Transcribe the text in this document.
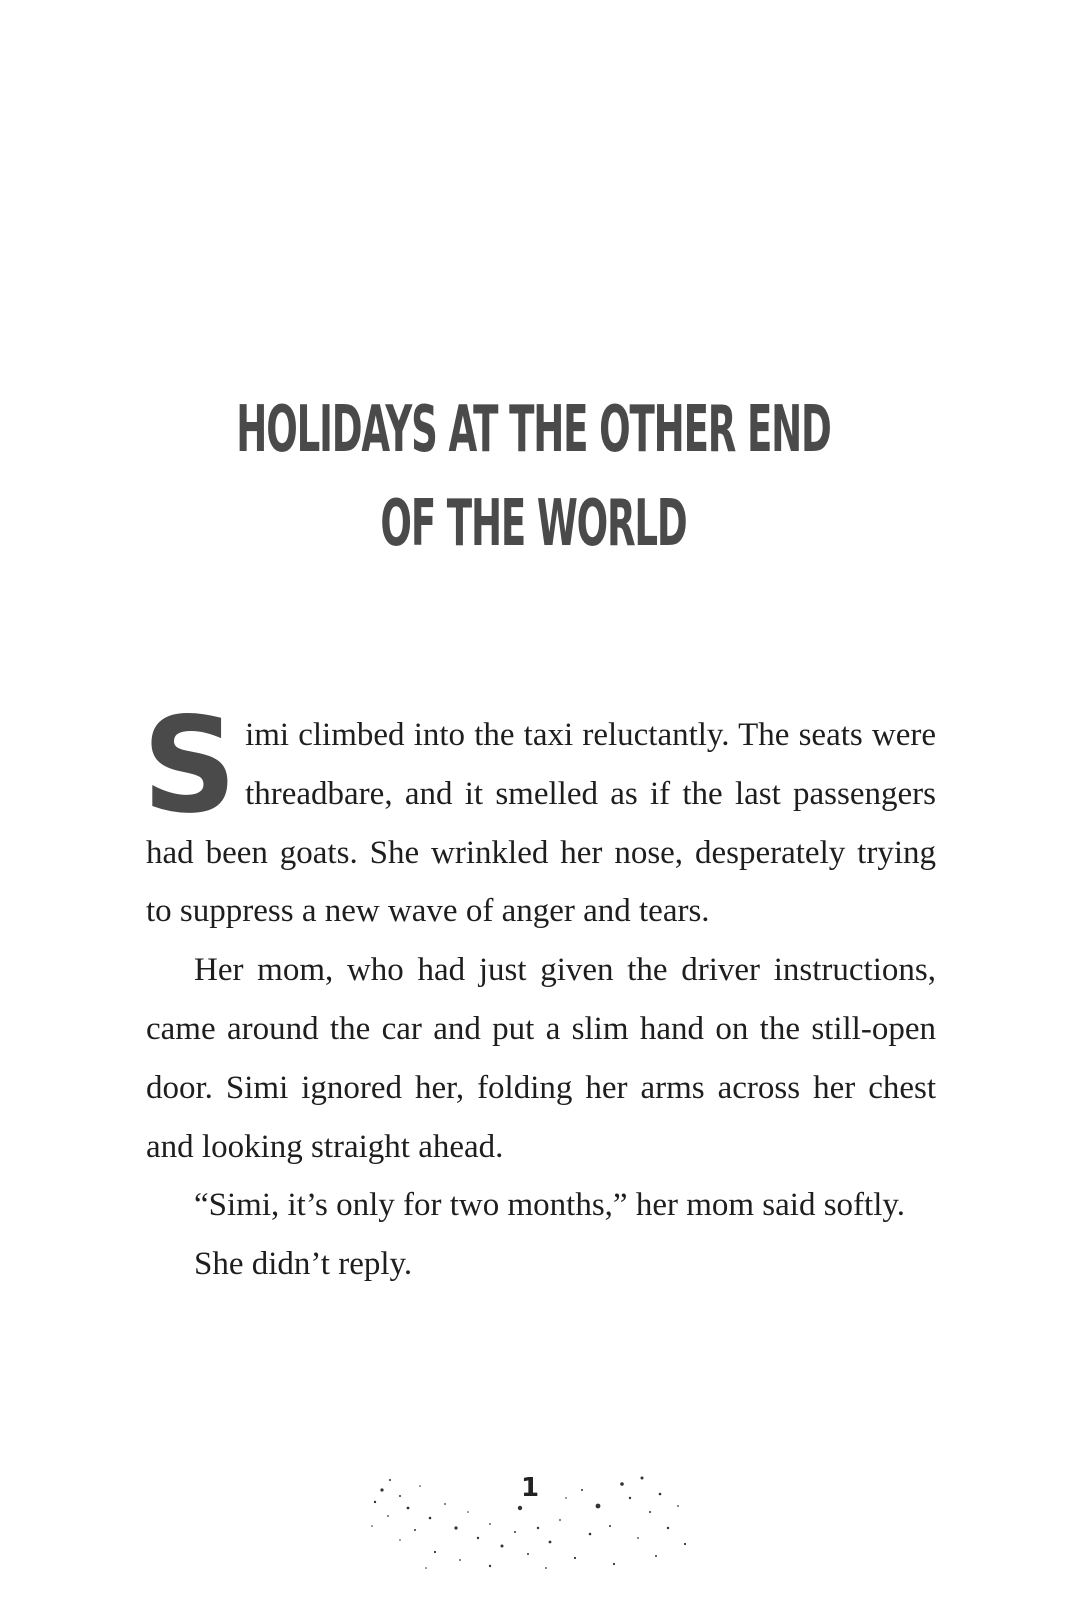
HOLIDAYS AT THE OTHER END
OF THE WORLD

Simi climbed into the taxi reluctantly. The seats were threadbare, and it smelled as if the last passengers had been goats. She wrinkled her nose, desperately trying to suppress a new wave of anger and tears.

Her mom, who had just given the driver instructions, came around the car and put a slim hand on the still-open door. Simi ignored her, folding her arms across her chest and looking straight ahead.

“Simi, it’s only for two months,” her mom said softly.

She didn’t reply.

1
